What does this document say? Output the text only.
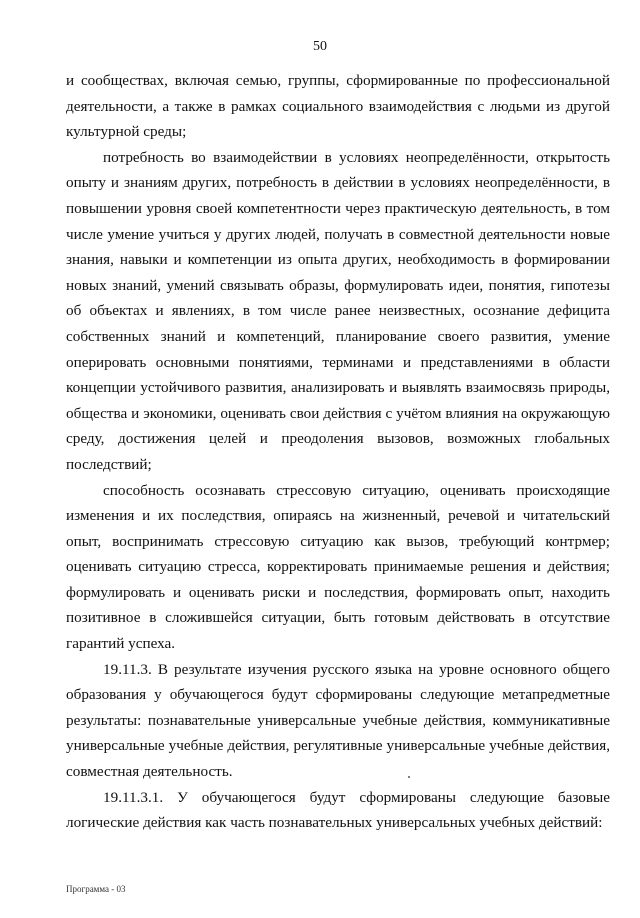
50

и сообществах, включая семью, группы, сформированные по профессиональной деятельности, а также в рамках социального взаимодействия с людьми из другой культурной среды;

потребность во взаимодействии в условиях неопределённости, открытость опыту и знаниям других, потребность в действии в условиях неопределённости, в повышении уровня своей компетентности через практическую деятельность, в том числе умение учиться у других людей, получать в совместной деятельности новые знания, навыки и компетенции из опыта других, необходимость в формировании новых знаний, умений связывать образы, формулировать идеи, понятия, гипотезы об объектах и явлениях, в том числе ранее неизвестных, осознание дефицита собственных знаний и компетенций, планирование своего развития, умение оперировать основными понятиями, терминами и представлениями в области концепции устойчивого развития, анализировать и выявлять взаимосвязь природы, общества и экономики, оценивать свои действия с учётом влияния на окружающую среду, достижения целей и преодоления вызовов, возможных глобальных последствий;

способность осознавать стрессовую ситуацию, оценивать происходящие изменения и их последствия, опираясь на жизненный, речевой и читательский опыт, воспринимать стрессовую ситуацию как вызов, требующий контрмер; оценивать ситуацию стресса, корректировать принимаемые решения и действия; формулировать и оценивать риски и последствия, формировать опыт, находить позитивное в сложившейся ситуации, быть готовым действовать в отсутствие гарантий успеха.

19.11.3. В результате изучения русского языка на уровне основного общего образования у обучающегося будут сформированы следующие метапредметные результаты: познавательные универсальные учебные действия, коммуникативные универсальные учебные действия, регулятивные универсальные учебные действия, совместная деятельность.

19.11.3.1. У обучающегося будут сформированы следующие базовые логические действия как часть познавательных универсальных учебных действий:

Программа - 03
